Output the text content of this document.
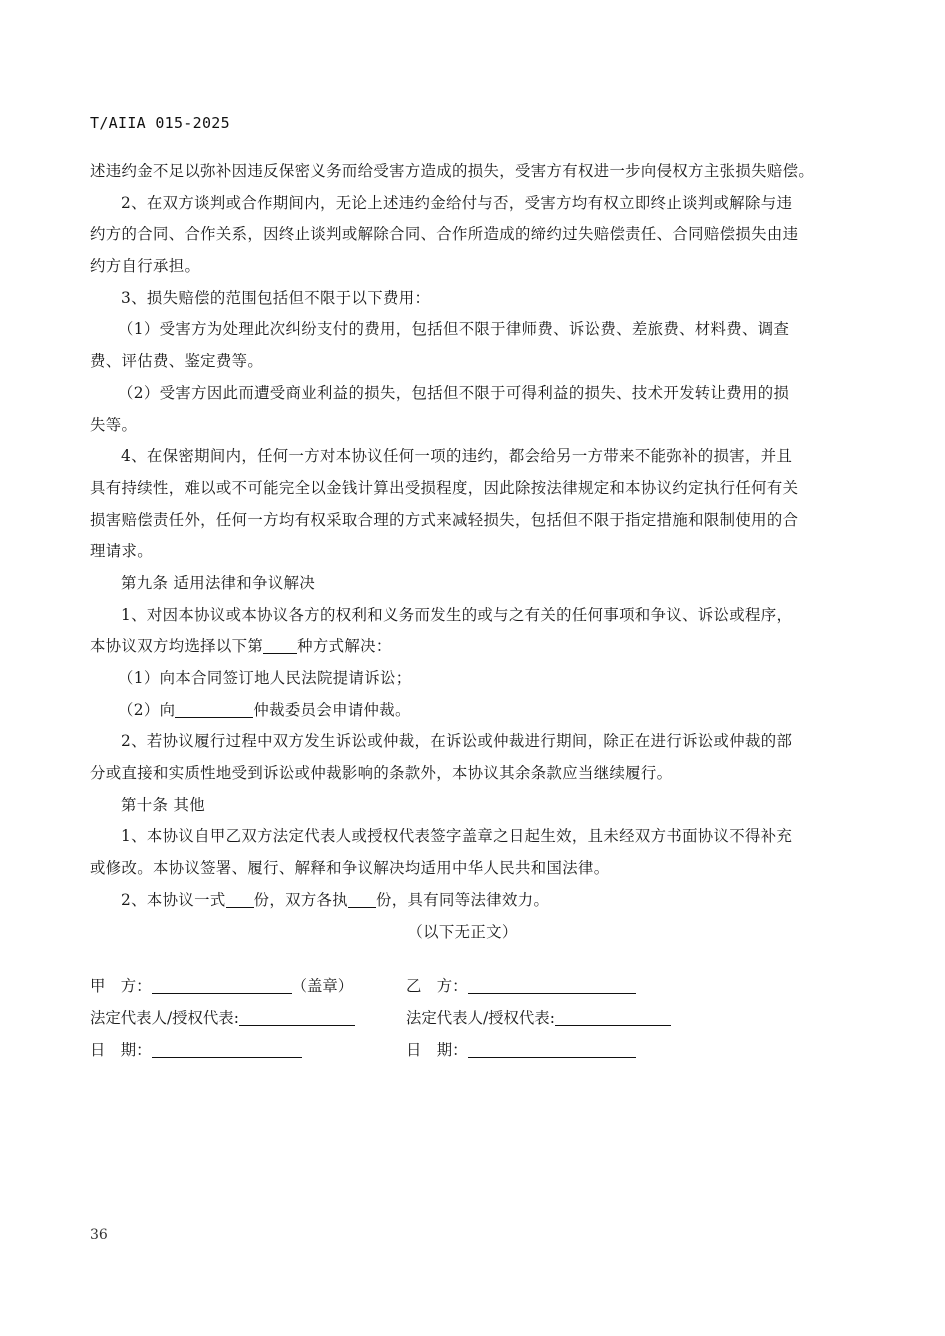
T/AIIA 015-2025
述违约金不足以弥补因违反保密义务而给受害方造成的损失，受害方有权进一步向侵权方主张损失赔偿。
2、在双方谈判或合作期间内，无论上述违约金给付与否，受害方均有权立即终止谈判或解除与违
约方的合同、合作关系，因终止谈判或解除合同、合作所造成的缔约过失赔偿责任、合同赔偿损失由违
约方自行承担。
3、损失赔偿的范围包括但不限于以下费用：
（1）受害方为处理此次纠纷支付的费用，包括但不限于律师费、诉讼费、差旅费、材料费、调查
费、评估费、鉴定费等。
（2）受害方因此而遭受商业利益的损失，包括但不限于可得利益的损失、技术开发转让费用的损
失等。
4、在保密期间内，任何一方对本协议任何一项的违约，都会给另一方带来不能弥补的损害，并且
具有持续性，难以或不可能完全以金钱计算出受损程度，因此除按法律规定和本协议约定执行任何有关
损害赔偿责任外，任何一方均有权采取合理的方式来减轻损失，包括但不限于指定措施和限制使用的合
理请求。
第九条 适用法律和争议解决
1、对因本协议或本协议各方的权利和义务而发生的或与之有关的任何事项和争议、诉讼或程序，
本协议双方均选择以下第 种方式解决：
（1）向本合同签订地人民法院提请诉讼；
（2）向	仲裁委员会申请仲裁。
2、若协议履行过程中双方发生诉讼或仲裁，在诉讼或仲裁进行期间，除正在进行诉讼或仲裁的部
分或直接和实质性地受到诉讼或仲裁影响的条款外，本协议其余条款应当继续履行。
第十条 其他
1、本协议自甲乙双方法定代表人或授权代表签字盖章之日起生效，且未经双方书面协议不得补充
或修改。本协议签署、履行、解释和争议解决均适用中华人民共和国法律。
2、本协议一式 份，双方各执 份，具有同等法律效力。
（以下无正文）
甲　方：	（盖章）	乙　方：
法定代表人/授权代表:	法定代表人/授权代表:
日　期：	日　期：
36
